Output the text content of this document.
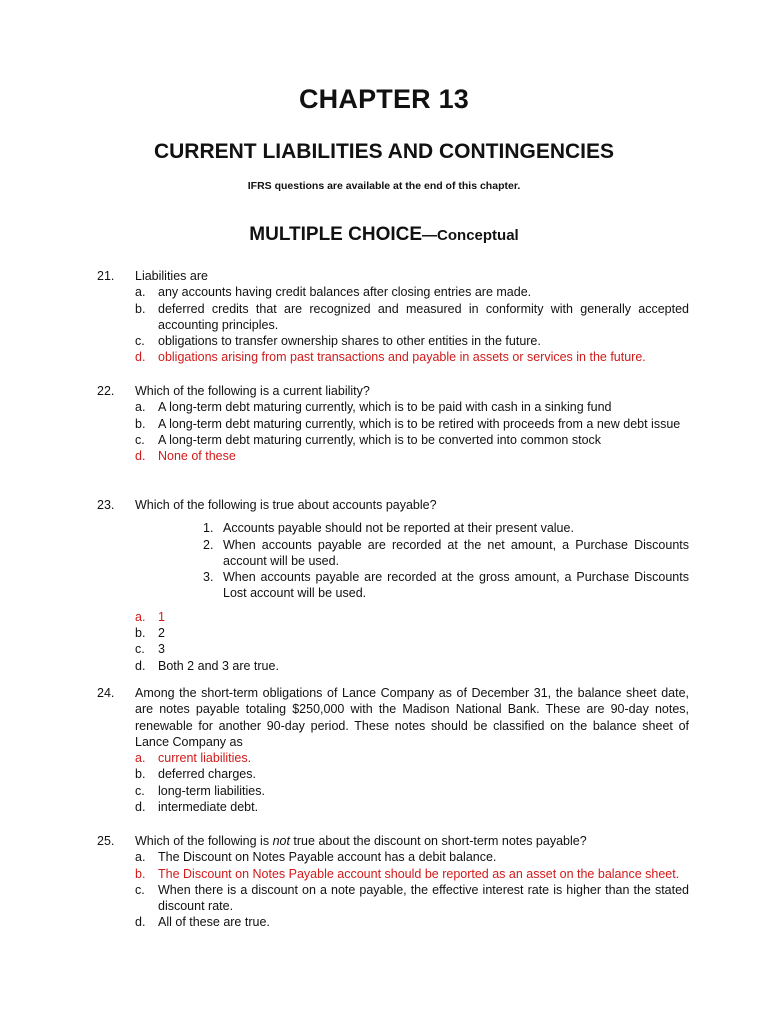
CHAPTER 13
CURRENT LIABILITIES AND CONTINGENCIES
IFRS questions are available at the end of this chapter.
MULTIPLE CHOICE—Conceptual
21.	Liabilities are
a. any accounts having credit balances after closing entries are made.
b. deferred credits that are recognized and measured in conformity with generally accepted accounting principles.
c. obligations to transfer ownership shares to other entities in the future.
d. obligations arising from past transactions and payable in assets or services in the future.
22.	Which of the following is a current liability?
a. A long-term debt maturing currently, which is to be paid with cash in a sinking fund
b. A long-term debt maturing currently, which is to be retired with proceeds from a new debt issue
c. A long-term debt maturing currently, which is to be converted into common stock
d. None of these
23.	Which of the following is true about accounts payable?
1. Accounts payable should not be reported at their present value.
2. When accounts payable are recorded at the net amount, a Purchase Discounts account will be used.
3. When accounts payable are recorded at the gross amount, a Purchase Discounts Lost account will be used.
a. 1
b. 2
c. 3
d. Both 2 and 3 are true.
24.	Among the short-term obligations of Lance Company as of December 31, the balance sheet date, are notes payable totaling $250,000 with the Madison National Bank. These are 90-day notes, renewable for another 90-day period. These notes should be classified on the balance sheet of Lance Company as
a. current liabilities.
b. deferred charges.
c. long-term liabilities.
d. intermediate debt.
25.	Which of the following is not true about the discount on short-term notes payable?
a. The Discount on Notes Payable account has a debit balance.
b. The Discount on Notes Payable account should be reported as an asset on the balance sheet.
c. When there is a discount on a note payable, the effective interest rate is higher than the stated discount rate.
d. All of these are true.
